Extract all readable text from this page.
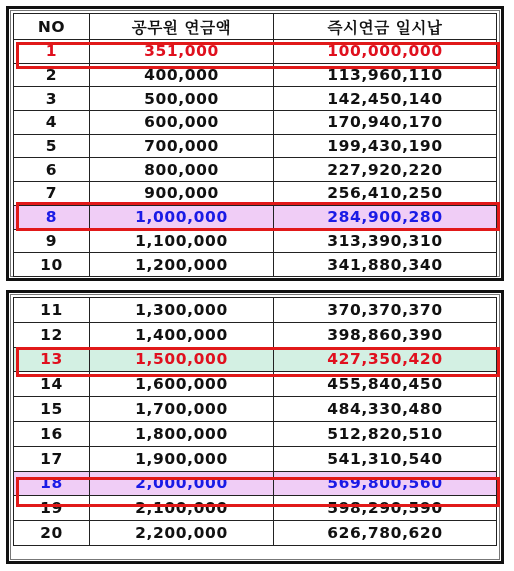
NO	공무원 연금액	즉시연금 일시납
1	351,000	100,000,000
2	400,000	113,960,110
3	500,000	142,450,140
4	600,000	170,940,170
5	700,000	199,430,190
6	800,000	227,920,220
7	900,000	256,410,250
8	1,000,000	284,900,280
9	1,100,000	313,390,310
10	1,200,000	341,880,340
11	1,300,000	370,370,370
12	1,400,000	398,860,390
13	1,500,000	427,350,420
14	1,600,000	455,840,450
15	1,700,000	484,330,480
16	1,800,000	512,820,510
17	1,900,000	541,310,540
18	2,000,000	569,800,560
19	2,100,000	598,290,590
20	2,200,000	626,780,620
